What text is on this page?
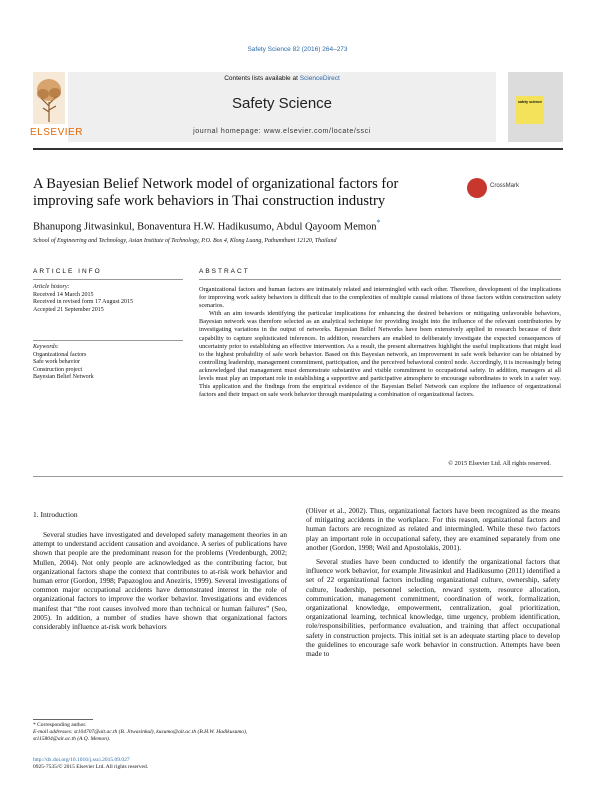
Safety Science 82 (2016) 264–273
Contents lists available at ScienceDirect
Safety Science
journal homepage: www.elsevier.com/locate/ssci
ELSEVIER
safety science
A Bayesian Belief Network model of organizational factors for improving safe work behaviors in Thai construction industry
CrossMark
Bhanupong Jitwasinkul, Bonaventura H.W. Hadikusumo, Abdul Qayoom Memon*
School of Engineering and Technology, Asian Institute of Technology, P.O. Box 4, Klong Luang, Pathumthani 12120, Thailand
ARTICLE INFO
Article history:
Received 14 March 2015
Received in revised form 17 August 2015
Accepted 21 September 2015
Keywords:
Organizational factors
Safe work behavior
Construction project
Bayesian Belief Network
ABSTRACT

Organizational factors and human factors are intimately related and intermingled with each other. Therefore, development of the implications for improving work safety behaviors is difficult due to the complexities of multiple causal relations of those factors within construction safety scenarios.

With an aim towards identifying the particular implications for enhancing the desired behaviors or mitigating unfavorable behaviors, Bayesian network was therefore selected as an analytical technique for providing insight into the influence of the relevant contributories by investigating variations in the output of networks. Bayesian Belief Networks have been extensively applied in research because of their capability to capture sophisticated inferences. In addition, researchers are enabled to deliberately investigate the expected consequences of uncertainty prior to establishing an effective intervention. As a result, the present alternatives highlight the useful implications that might lead to the highest probability of safe work behavior. Based on this Bayesian network, an improvement in safe work behavior can be obtained by controlling leadership, management commitment, participation, and the perceived behavioral control node. Accordingly, it is increasingly being acknowledged that management must demonstrate substantive and visible commitment to occupational safety. In addition, managers at all levels must play an important role in establishing a supportive and participative atmosphere to encourage subordinates to work in a safer way. This application and the findings from the empirical evidence of the Bayesian Belief Network can explore the influence of organizational factors and their impact on safe work behavior through manipulating a combination of organizational factors.

© 2015 Elsevier Ltd. All rights reserved.
1. Introduction

Several studies have investigated and developed safety management theories in an attempt to understand accident causation and avoidance. A series of publications have shown that people are the predominant reason for the problems (Vredenburgh, 2002; Mullen, 2004). Not only people are acknowledged as the contributing factor, but organizational factors shape the context that contributes to at-risk work behavior and human error (Gordon, 1998; Papazoglou and Aneziris, 1999). Several investigations of common major occupational accidents have demonstrated interest in the role of organizational factors to improve the worker behavior. Investigations and evidences manifest that “the root causes involved more than technical or human failures” (Seo, 2005). In addition, a number of studies have shown that organizational factors considerably influence at-risk work behaviors

(Oliver et al., 2002). Thus, organizational factors have been recognized as the means of mitigating accidents in the workplace. For this reason, organizational factors and human factors are recognized as related and intermingled. While these two factors play an important role in occupational safety, they are examined separately from one another (Gordon, 1998; Weil and Apostolakis, 2001).

Several studies have been conducted to identify the organizational factors that influence work behavior, for example Jitwasinkul and Hadikusumo (2011) identified a set of 22 organizational factors including organizational culture, ownership, safety culture, leadership, personnel selection, reward system, resource allocation, communication, management commitment, coordination of work, formalization, organizational knowledge, empowerment, centralization, goal prioritization, organizational learning, technical knowledge, time urgency, problem identification, role/responsibilities, performance evaluation, and training that affect occupational safety in construction projects. This initial set is an adequate starting place to develop the guidelines to encourage safe work behavior in construction. Attempts have been made to

* Corresponding author.
E-mail addresses: st104707@ait.ac.th (B. Jitwasinkul), kusumo@ait.ac.th (B.H.W. Hadikusumo), st115804@ait.ac.th (A.Q. Memon).
http://dx.doi.org/10.1016/j.ssci.2015.09.027
0925-7535/© 2015 Elsevier Ltd. All rights reserved.
